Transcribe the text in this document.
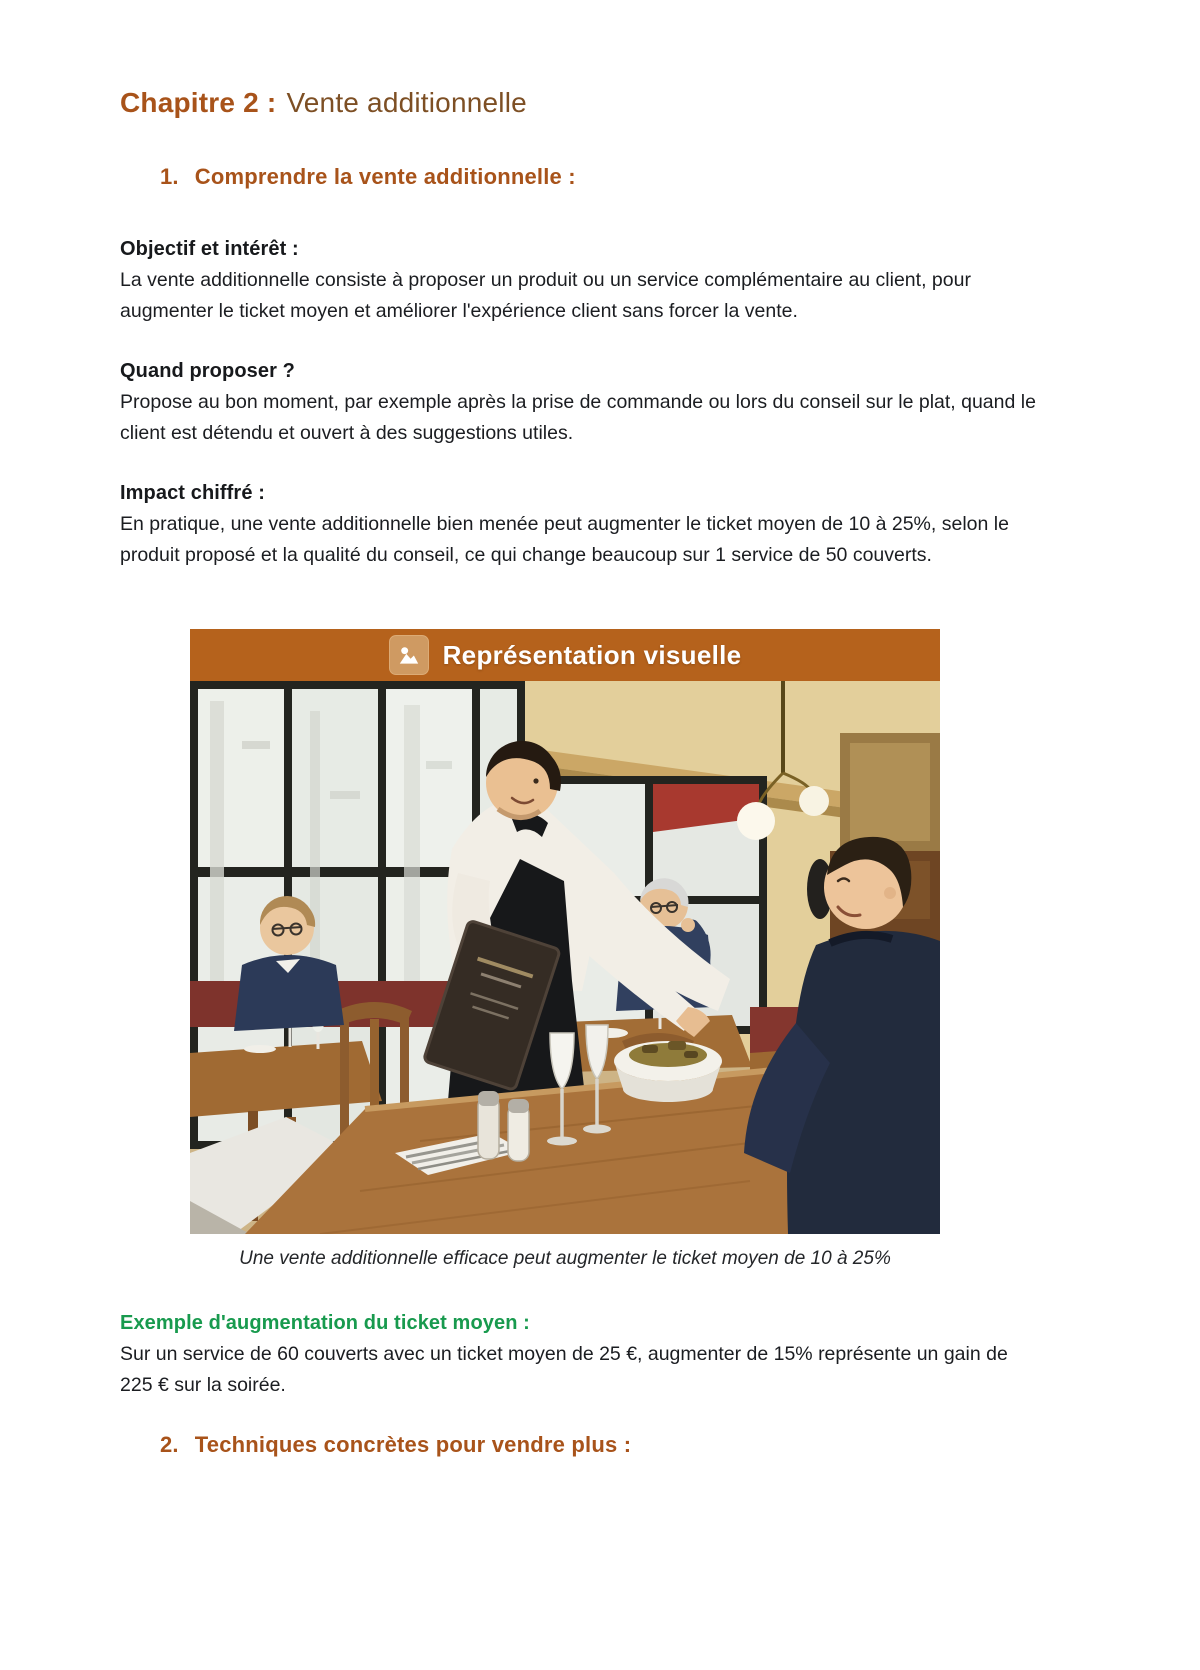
Chapitre 2 : Vente additionnelle
1. Comprendre la vente additionnelle :

Objectif et intérêt :

La vente additionnelle consiste à proposer un produit ou un service complémentaire au client, pour augmenter le ticket moyen et améliorer l'expérience client sans forcer la vente.

Quand proposer ?

Propose au bon moment, par exemple après la prise de commande ou lors du conseil sur le plat, quand le client est détendu et ouvert à des suggestions utiles.

Impact chiffré :

En pratique, une vente additionnelle bien menée peut augmenter le ticket moyen de 10 à 25%, selon le produit proposé et la qualité du conseil, ce qui change beaucoup sur 1 service de 50 couverts.

Représentation visuelle
Une vente additionnelle efficace peut augmenter le ticket moyen de 10 à 25%

Exemple d'augmentation du ticket moyen :

Sur un service de 60 couverts avec un ticket moyen de 25 €, augmenter de 15% représente un gain de 225 € sur la soirée.

2. Techniques concrètes pour vendre plus :
